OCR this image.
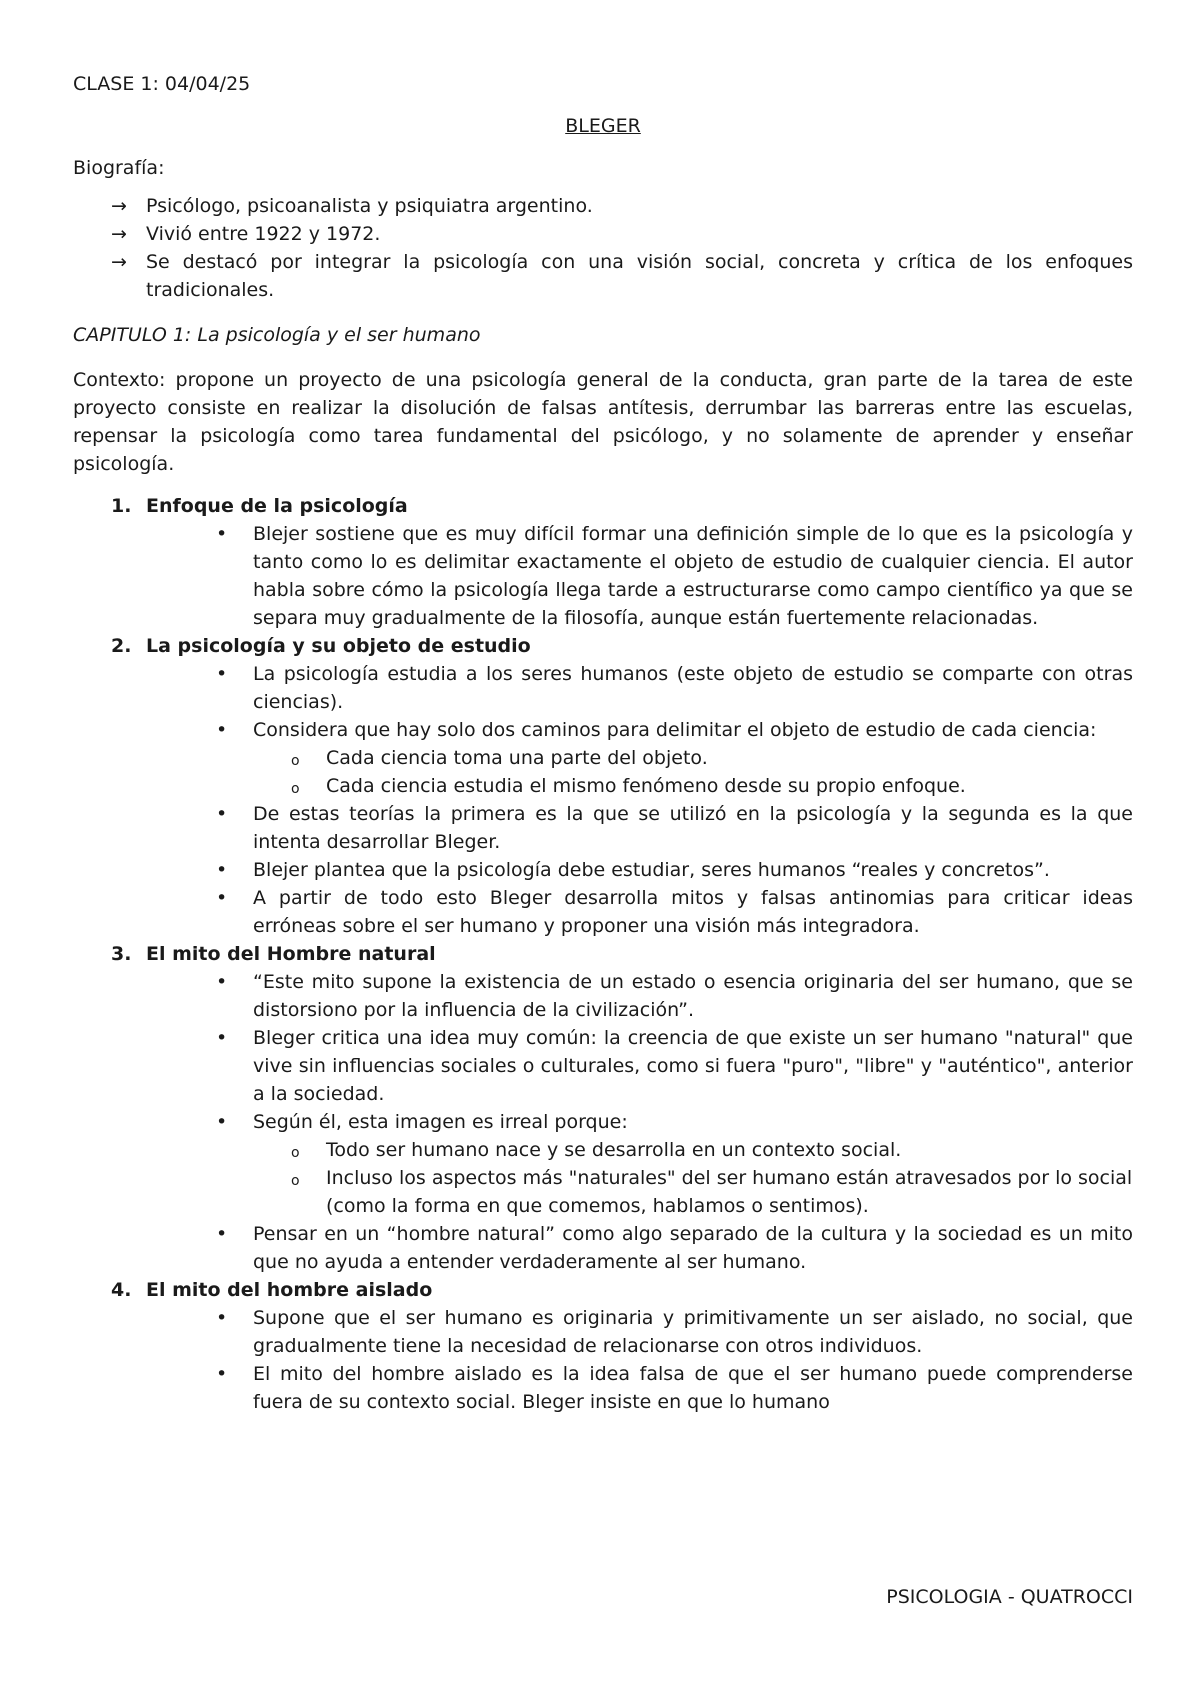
CLASE 1: 04/04/25

BLEGER

Biografía:

→ Psicólogo, psicoanalista y psiquiatra argentino.
→ Vivió entre 1922 y 1972.
→ Se destacó por integrar la psicología con una visión social, concreta y crítica de los enfoques tradicionales.

CAPITULO 1: La psicología y el ser humano

Contexto: propone un proyecto de una psicología general de la conducta, gran parte de la tarea de este proyecto consiste en realizar la disolución de falsas antítesis, derrumbar las barreras entre las escuelas, repensar la psicología como tarea fundamental del psicólogo, y no solamente de aprender y enseñar psicología.

1. Enfoque de la psicología
• Blejer sostiene que es muy difícil formar una definición simple de lo que es la psicología y tanto como lo es delimitar exactamente el objeto de estudio de cualquier ciencia. El autor habla sobre cómo la psicología llega tarde a estructurarse como campo científico ya que se separa muy gradualmente de la filosofía, aunque están fuertemente relacionadas.
2. La psicología y su objeto de estudio
• La psicología estudia a los seres humanos (este objeto de estudio se comparte con otras ciencias).
• Considera que hay solo dos caminos para delimitar el objeto de estudio de cada ciencia:
o Cada ciencia toma una parte del objeto.
o Cada ciencia estudia el mismo fenómeno desde su propio enfoque.
• De estas teorías la primera es la que se utilizó en la psicología y la segunda es la que intenta desarrollar Bleger.
• Blejer plantea que la psicología debe estudiar, seres humanos “reales y concretos”.
• A partir de todo esto Bleger desarrolla mitos y falsas antinomias para criticar ideas erróneas sobre el ser humano y proponer una visión más integradora.
3. El mito del Hombre natural
• “Este mito supone la existencia de un estado o esencia originaria del ser humano, que se distorsiono por la influencia de la civilización”.
• Bleger critica una idea muy común: la creencia de que existe un ser humano "natural" que vive sin influencias sociales o culturales, como si fuera "puro", "libre" y "auténtico", anterior a la sociedad.
• Según él, esta imagen es irreal porque:
o Todo ser humano nace y se desarrolla en un contexto social.
o Incluso los aspectos más "naturales" del ser humano están atravesados por lo social (como la forma en que comemos, hablamos o sentimos).
• Pensar en un “hombre natural” como algo separado de la cultura y la sociedad es un mito que no ayuda a entender verdaderamente al ser humano.
4. El mito del hombre aislado
• Supone que el ser humano es originaria y primitivamente un ser aislado, no social, que gradualmente tiene la necesidad de relacionarse con otros individuos.
• El mito del hombre aislado es la idea falsa de que el ser humano puede comprenderse fuera de su contexto social. Bleger insiste en que lo humano

PSICOLOGIA - QUATROCCI
